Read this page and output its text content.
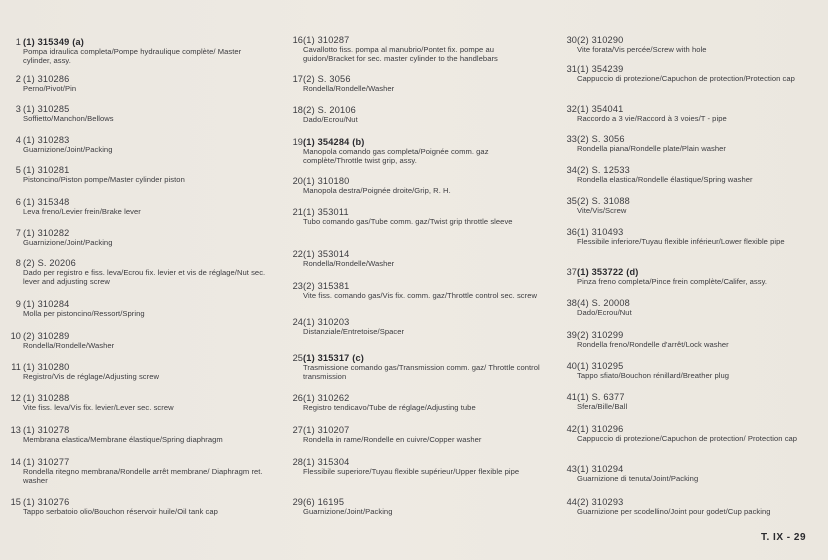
1 (1) 315349 (a)
Pompa idraulica completa/Pompe hydraulique complète/ Master cylinder, assy.
2 (1) 310286
Perno/Pivot/Pin
3 (1) 310285
Soffietto/Manchon/Bellows
4 (1) 310283
Guarnizione/Joint/Packing
5 (1) 310281
Pistoncino/Piston pompe/Master cylinder piston
6 (1) 315348
Leva freno/Levier frein/Brake lever
7 (1) 310282
Guarnizione/Joint/Packing
8 (2) S. 20206
Dado per registro e fiss. leva/Ecrou fix. levier et vis de réglage/Nut sec. lever and adjusting screw
9 (1) 310284
Molla per pistoncino/Ressort/Spring
10 (2) 310289
Rondella/Rondelle/Washer
11 (1) 310280
Registro/Vis de réglage/Adjusting screw
12 (1) 310288
Vite fiss. leva/Vis fix. levier/Lever sec. screw
13 (1) 310278
Membrana elastica/Membrane élastique/Spring diaphragm
14 (1) 310277
Rondella ritegno membrana/Rondelle arrêt membrane/ Diaphragm ret. washer
15 (1) 310276
Tappo serbatoio olio/Bouchon réservoir huile/Oil tank cap
16 (1) 310287
Cavallotto fiss. pompa al manubrio/Pontet fix. pompe au guidon/Bracket for sec. master cylinder to the handlebars
17 (2) S. 3056
Rondella/Rondelle/Washer
18 (2) S. 20106
Dado/Ecrou/Nut
19 (1) 354284 (b)
Manopola comando gas completa/Poignée comm. gaz complète/Throttle twist grip, assy.
20 (1) 310180
Manopola destra/Poignée droite/Grip, R. H.
21 (1) 353011
Tubo comando gas/Tube comm. gaz/Twist grip throttle sleeve
22 (1) 353014
Rondella/Rondelle/Washer
23 (2) 315381
Vite fiss. comando gas/Vis fix. comm. gaz/Throttle control sec. screw
24 (1) 310203
Distanziale/Entretoise/Spacer
25 (1) 315317 (c)
Trasmissione comando gas/Transmission comm. gaz/ Throttle control transmission
26 (1) 310262
Registro tendicavo/Tube de réglage/Adjusting tube
27 (1) 310207
Rondella in rame/Rondelle en cuivre/Copper washer
28 (1) 315304
Flessibile superiore/Tuyau flexible supérieur/Upper flexible pipe
29 (6) 16195
Guarnizione/Joint/Packing
30 (2) 310290
Vite forata/Vis percée/Screw with hole
31 (1) 354239
Cappuccio di protezione/Capuchon de protection/Protection cap
32 (1) 354041
Raccordo a 3 vie/Raccord à 3 voies/T - pipe
33 (2) S. 3056
Rondella piana/Rondelle plate/Plain washer
34 (2) S. 12533
Rondella elastica/Rondelle élastique/Spring washer
35 (2) S. 31088
Vite/Vis/Screw
36 (1) 310493
Flessibile inferiore/Tuyau flexible inférieur/Lower flexible pipe
37 (1) 353722 (d)
Pinza freno completa/Pince frein complète/Califer, assy.
38 (4) S. 20008
Dado/Ecrou/Nut
39 (2) 310299
Rondella freno/Rondelle d'arrêt/Lock washer
40 (1) 310295
Tappo sfiato/Bouchon rénillard/Breather plug
41 (1) S. 6377
Sfera/Bille/Ball
42 (1) 310296
Cappuccio di protezione/Capuchon de protection/ Protection cap
43 (1) 310294
Guarnizione di tenuta/Joint/Packing
44 (2) 310293
Guarnizione per scodellino/Joint pour godet/Cup packing
T. IX - 29
